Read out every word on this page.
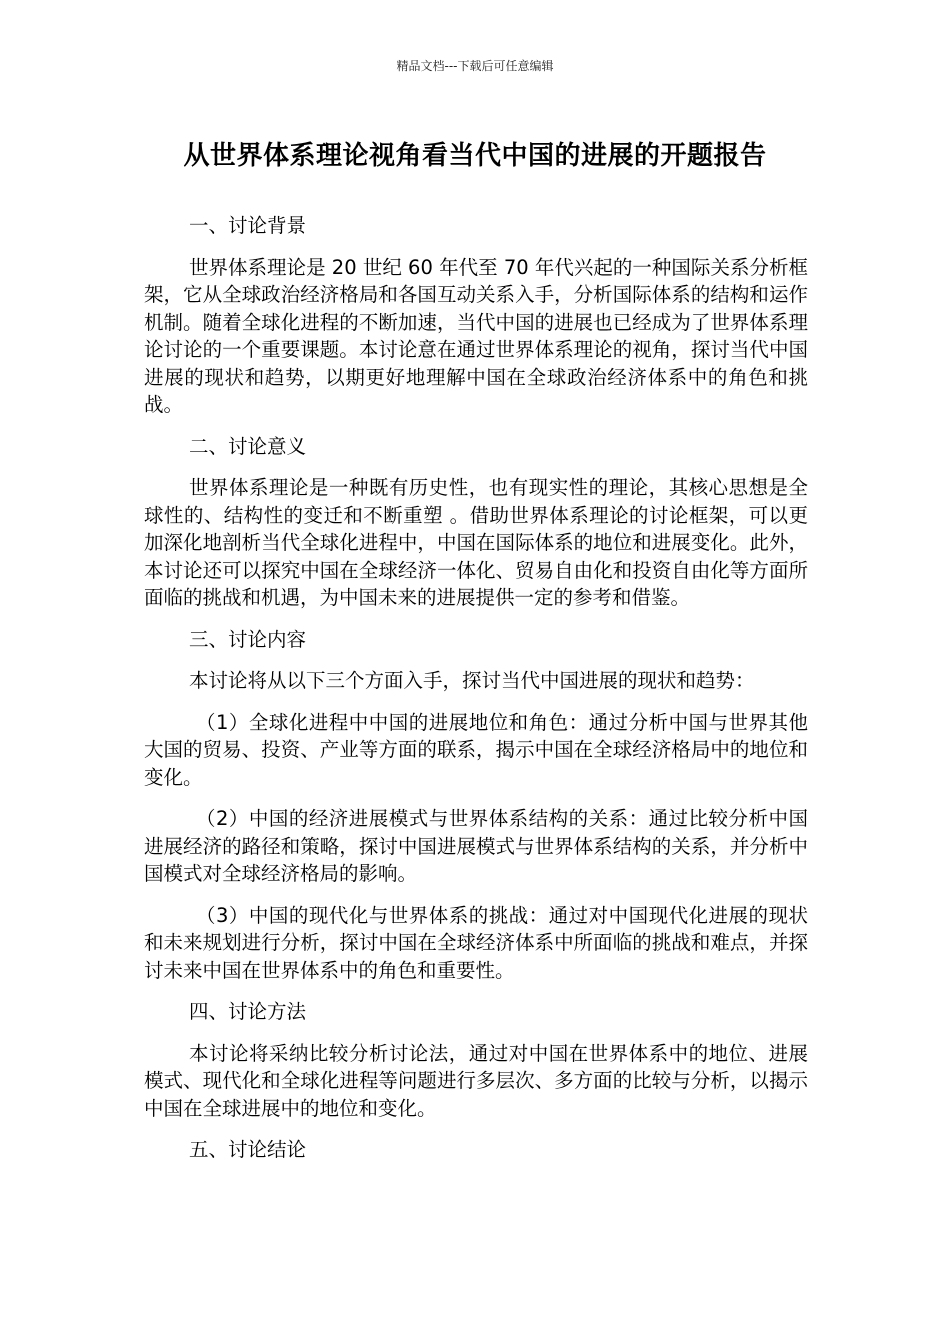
精品文档---下载后可任意编辑
从世界体系理论视角看当代中国的进展的开题报告

一、讨论背景

世界体系理论是 20 世纪 60 年代至 70 年代兴起的一种国际关系分析框架，它从全球政治经济格局和各国互动关系入手，分析国际体系的结构和运作机制。随着全球化进程的不断加速，当代中国的进展也已经成为了世界体系理论讨论的一个重要课题。本讨论意在通过世界体系理论的视角，探讨当代中国进展的现状和趋势，以期更好地理解中国在全球政治经济体系中的角色和挑战。

二、讨论意义

世界体系理论是一种既有历史性，也有现实性的理论，其核心思想是全球性的、结构性的变迁和不断重塑 。借助世界体系理论的讨论框架，可以更加深化地剖析当代全球化进程中，中国在国际体系的地位和进展变化。此外，本讨论还可以探究中国在全球经济一体化、贸易自由化和投资自由化等方面所面临的挑战和机遇，为中国未来的进展提供一定的参考和借鉴。

三、讨论内容

本讨论将从以下三个方面入手，探讨当代中国进展的现状和趋势：

（1）全球化进程中中国的进展地位和角色：通过分析中国与世界其他大国的贸易、投资、产业等方面的联系，揭示中国在全球经济格局中的地位和变化。

（2）中国的经济进展模式与世界体系结构的关系：通过比较分析中国进展经济的路径和策略，探讨中国进展模式与世界体系结构的关系，并分析中国模式对全球经济格局的影响。

（3）中国的现代化与世界体系的挑战：通过对中国现代化进展的现状和未来规划进行分析，探讨中国在全球经济体系中所面临的挑战和难点，并探讨未来中国在世界体系中的角色和重要性。

四、讨论方法

本讨论将采纳比较分析讨论法，通过对中国在世界体系中的地位、进展模式、现代化和全球化进程等问题进行多层次、多方面的比较与分析，以揭示中国在全球进展中的地位和变化。

五、讨论结论
